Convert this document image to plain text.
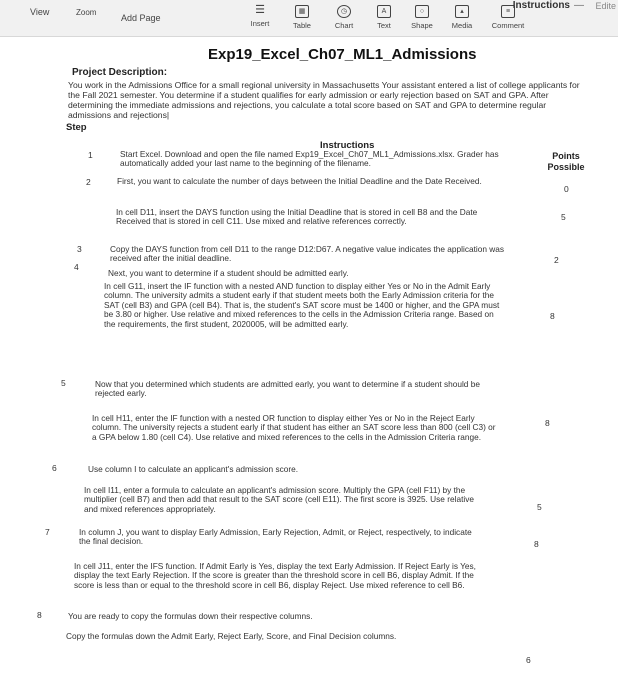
View	Zoom
Add Page
☰
Insert
▦
Table
◷
Chart
A
Text
○
Shape
▴
Media
≡
Comment
Instructions — Edite
Exp19_Excel_Ch07_ML1_Admissions
Project Description:
You work in the Admissions Office for a small regional university in Massachusetts Your assistant entered a list of college applicants for the Fall 2021 semester. You determine if a student qualifies for early admission or early rejection based on SAT and GPA. After determining the immediate admissions and rejections, you calculate a total score based on SAT and GPA to determine regular admissions and rejections|
Step
Instructions
Points Possible
1
2
3
4
5
6
7
8
Start Excel. Download and open the file named Exp19_Excel_Ch07_ML1_Admissions.xlsx. Grader has automatically added your last name to the beginning of the filename.
First, you want to calculate the number of days between the Initial Deadline and the Date Received.
In cell D11, insert the DAYS function using the Initial Deadline that is stored in cell B8 and the Date Received that is stored in cell C11. Use mixed and relative references correctly.
Copy the DAYS function from cell D11 to the range D12:D67. A negative value indicates the application was received after the initial deadline.
Next, you want to determine if a student should be admitted early.
In cell G11, insert the IF function with a nested AND function to display either Yes or No in the Admit Early column. The university admits a student early if that student meets both the Early Admission criteria for the SAT (cell B3) and GPA (cell B4). That is, the student's SAT score must be 1400 or higher, and the GPA must be 3.80 or higher. Use relative and mixed references to the cells in the Admission Criteria range. Based on the requirements, the first student, 2020005, will be admitted early.
Now that you determined which students are admitted early, you want to determine if a student should be rejected early.
In cell H11, enter the IF function with a nested OR function to display either Yes or No in the Reject Early column. The university rejects a student early if that student has either an SAT score less than 800 (cell C3) or a GPA below 1.80 (cell C4). Use relative and mixed references to the cells in the Admission Criteria range.
Use column I to calculate an applicant's admission score.
In cell I11, enter a formula to calculate an applicant's admission score. Multiply the GPA (cell F11) by the multiplier (cell B7) and then add that result to the SAT score (cell E11). The first score is 3925. Use relative and mixed references appropriately.
In column J, you want to display Early Admission, Early Rejection, Admit, or Reject, respectively, to indicate the final decision.
In cell J11, enter the IFS function. If Admit Early is Yes, display the text Early Admission. If Reject Early is Yes, display the text Early Rejection. If the score is greater than the threshold score in cell B6, display Admit. If the score is less than or equal to the threshold score in cell B6, display Reject. Use mixed reference to cell B6.
You are ready to copy the formulas down their respective columns.
Copy the formulas down the Admit Early, Reject Early, Score, and Final Decision columns.
0
5
2
8
8
5
8
6
